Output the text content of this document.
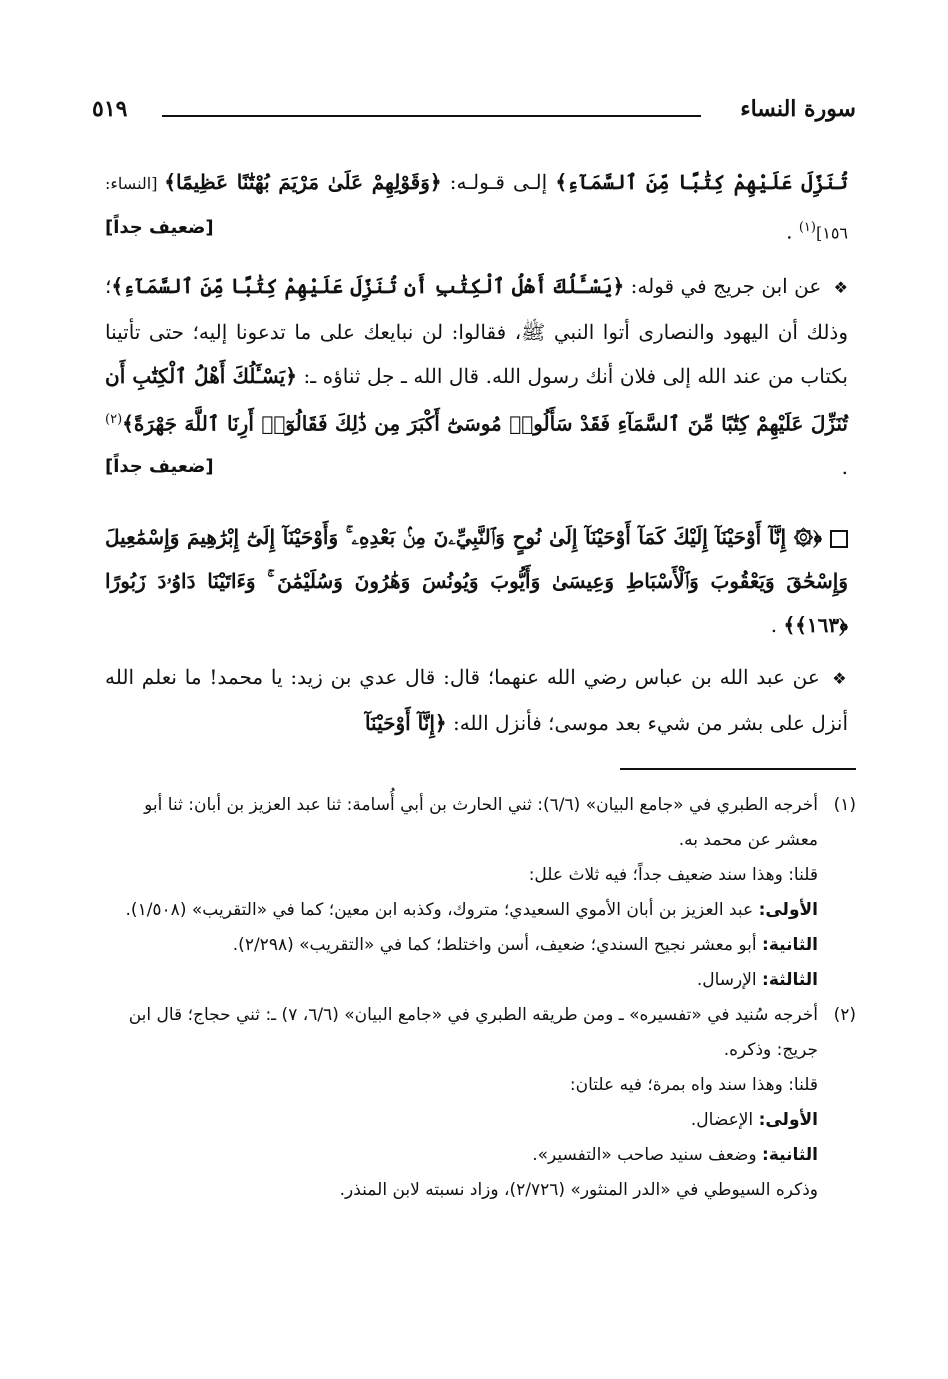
سورة النساء
٥١٩

تُنَزِّلَ عَلَيْهِمْ كِتَٰبًا مِّنَ ٱلسَّمَآءِ﴾ إلـى قـولـه: ﴿وَقَوْلِهِمْ عَلَىٰ مَرْيَمَ بُهْتَٰنًا عَظِيمًا﴾ [النساء: ١٥٦]$^{(١)}$ .
[ضعيف جداً]

❖ عن ابن جريج في قوله: ﴿يَسْـَٔلُكَ أَهْلُ ٱلْكِتَٰبِ أَن تُنَزِّلَ عَلَيْهِمْ كِتَٰبًا مِّنَ ٱلسَّمَآءِ﴾؛ وذلك أن اليهود والنصارى أتوا النبي ﷺ، فقالوا: لن نبايعك على ما تدعونا إليه؛ حتى تأتينا بكتاب من عند الله إلى فلان أنك رسول الله. قال الله ـ جل ثناؤه ـ: ﴿يَسْـَٔلُكَ أَهْلُ ٱلْكِتَٰبِ أَن تُنَزِّلَ عَلَيْهِمْ كِتَٰبًا مِّنَ ٱلسَّمَآءِ فَقَدْ سَأَلُوا۟ مُوسَىٰٓ أَكْبَرَ مِن ذَٰلِكَ فَقَالُوٓا۟ أَرِنَا ٱللَّهَ جَهْرَةً﴾$^{(٢)}$ .
[ضعيف جداً]

﴿۞ إِنَّآ أَوْحَيْنَآ إِلَيْكَ كَمَآ أَوْحَيْنَآ إِلَىٰ نُوحٍ وَٱلنَّبِيِّۦنَ مِنۢ بَعْدِهِۦ ۚ وَأَوْحَيْنَآ إِلَىٰٓ إِبْرَٰهِيمَ وَإِسْمَٰعِيلَ وَإِسْحَٰقَ وَيَعْقُوبَ وَٱلْأَسْبَاطِ وَعِيسَىٰ وَأَيُّوبَ وَيُونُسَ وَهَٰرُونَ وَسُلَيْمَٰنَ ۚ وَءَاتَيْنَا دَاوُۥدَ زَبُورًا ﴿١٦٣﴾﴾ .

❖ عن عبد الله بن عباس رضي الله عنهما؛ قال: قال عدي بن زيد: يا محمد! ما نعلم الله أنزل على بشر من شيء بعد موسى؛ فأنزل الله: ﴿إِنَّآ أَوْحَيْنَآ

(١)

أخرجه الطبري في «جامع البيان» (٦/٦): ثني الحارث بن أبي أُسامة: ثنا عبد العزيز بن أبان: ثنا أبو معشر عن محمد به.

قلنا: وهذا سند ضعيف جداً؛ فيه ثلاث علل:

الأولى: عبد العزيز بن أبان الأموي السعيدي؛ متروك، وكذبه ابن معين؛ كما في «التقريب» (١/٥٠٨).

الثانية: أبو معشر نجيح السندي؛ ضعيف، أسن واختلط؛ كما في «التقريب» (٢/٢٩٨).

الثالثة: الإرسال.

(٢)

أخرجه سُنيد في «تفسيره» ـ ومن طريقه الطبري في «جامع البيان» (٦/٦، ٧) ـ: ثني حجاج؛ قال ابن جريج: وذكره.

قلنا: وهذا سند واه بمرة؛ فيه علتان:

الأولى: الإعضال.

الثانية: وضعف سنيد صاحب «التفسير».

وذكره السيوطي في «الدر المنثور» (٢/٧٢٦)، وزاد نسبته لابن المنذر.
